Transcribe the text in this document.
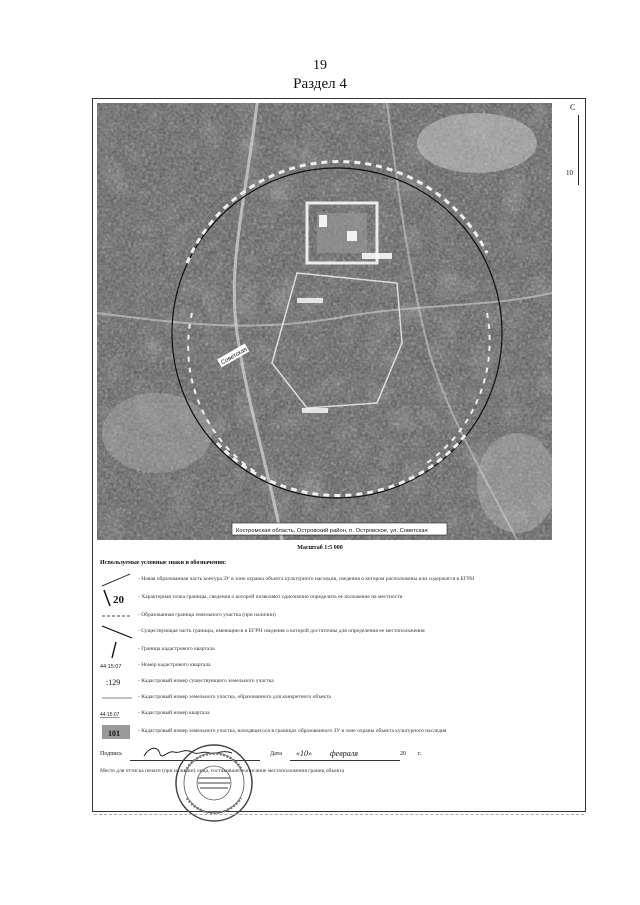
19
Раздел 4
Советская
Костромская область, Островский район, п. Островское, ул. Советская
С
10
Масштаб 1:5 000
Используемые условные знаки и обозначения:
- Новая образованная часть контура ЗУ в зоне охраны объекта культурного наследия, сведения о котором расположены или содержатся в ЕГРН
20	- Характерная точка границы, сведения о которой позволяют однозначно определить ее положение на местности
- Образованная граница земельного участка (при наличии)
- Существующая часть границы, имеющиеся в ЕГРН сведения о которой достаточны для определения ее местоположения
- Граница кадастрового квартала
44:15:07	- Номер кадастрового квартала
:129	- Кадастровый номер существующего земельного участка
- Кадастровый номер земельного участка, образованного для конкретного объекта
44:15:07	- Кадастровый номер квартала
101	- Кадастровый номер земельного участка, находящегося в границах образованного ЗУ в зоне охраны объекта культурного наследия
Подпись	Дата «10» февраля	20 г.
Место для оттиска печати (при наличии) лица, составившего описание местоположения границ объекта
